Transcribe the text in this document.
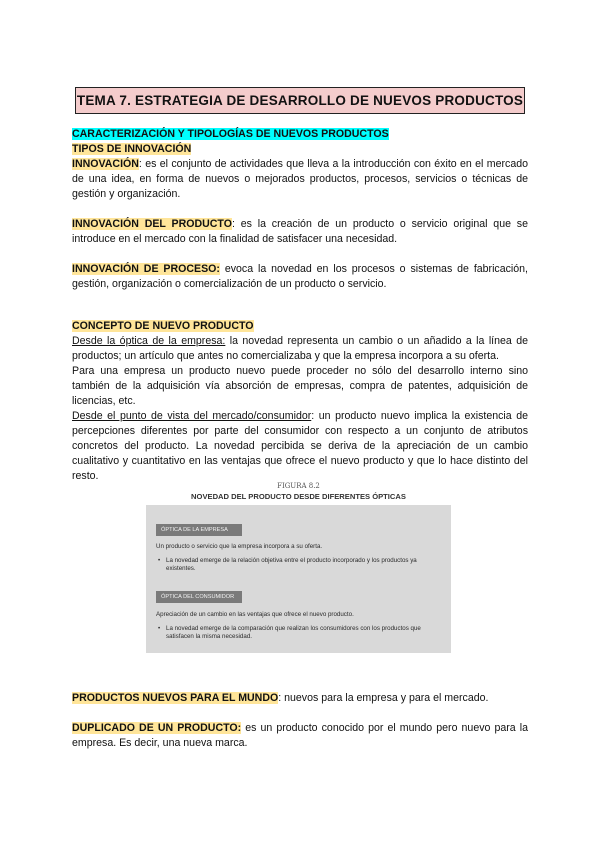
TEMA 7. ESTRATEGIA DE DESARROLLO DE NUEVOS PRODUCTOS
CARACTERIZACIÓN Y TIPOLOGÍAS DE NUEVOS PRODUCTOS
TIPOS DE INNOVACIÓN

INNOVACIÓN: es el conjunto de actividades que lleva a la introducción con éxito en el mercado de una idea, en forma de nuevos o mejorados productos, procesos, servicios o técnicas de gestión y organización.

INNOVACIÓN DEL PRODUCTO: es la creación de un producto o servicio original que se introduce en el mercado con la finalidad de satisfacer una necesidad.

INNOVACIÓN DE PROCESO: evoca la novedad en los procesos o sistemas de fabricación, gestión, organización o comercialización de un producto o servicio.

CONCEPTO DE NUEVO PRODUCTO

Desde la óptica de la empresa: la novedad representa un cambio o un añadido a la línea de productos; un artículo que antes no comercializaba y que la empresa incorpora a su oferta.

Para una empresa un producto nuevo puede proceder no sólo del desarrollo interno sino también de la adquisición vía absorción de empresas, compra de patentes, adquisición de licencias, etc.

Desde el punto de vista del mercado/consumidor: un producto nuevo implica la existencia de percepciones diferentes por parte del consumidor con respecto a un conjunto de atributos concretos del producto. La novedad percibida se deriva de la apreciación de un cambio cualitativo y cuantitativo en las ventajas que ofrece el nuevo producto y que lo hace distinto del resto.

FIGURA 8.2
NOVEDAD DEL PRODUCTO DESDE DIFERENTES ÓPTICAS
ÓPTICA DE LA EMPRESA
Un producto o servicio que la empresa incorpora a su oferta.
• La novedad emerge de la relación objetiva entre el producto incorporado y los productos ya existentes.
ÓPTICA DEL CONSUMIDOR
Apreciación de un cambio en las ventajas que ofrece el nuevo producto.
• La novedad emerge de la comparación que realizan los consumidores con los productos que satisfacen la misma necesidad.

PRODUCTOS NUEVOS PARA EL MUNDO: nuevos para la empresa y para el mercado.

DUPLICADO DE UN PRODUCTO: es un producto conocido por el mundo pero nuevo para la empresa. Es decir, una nueva marca.
